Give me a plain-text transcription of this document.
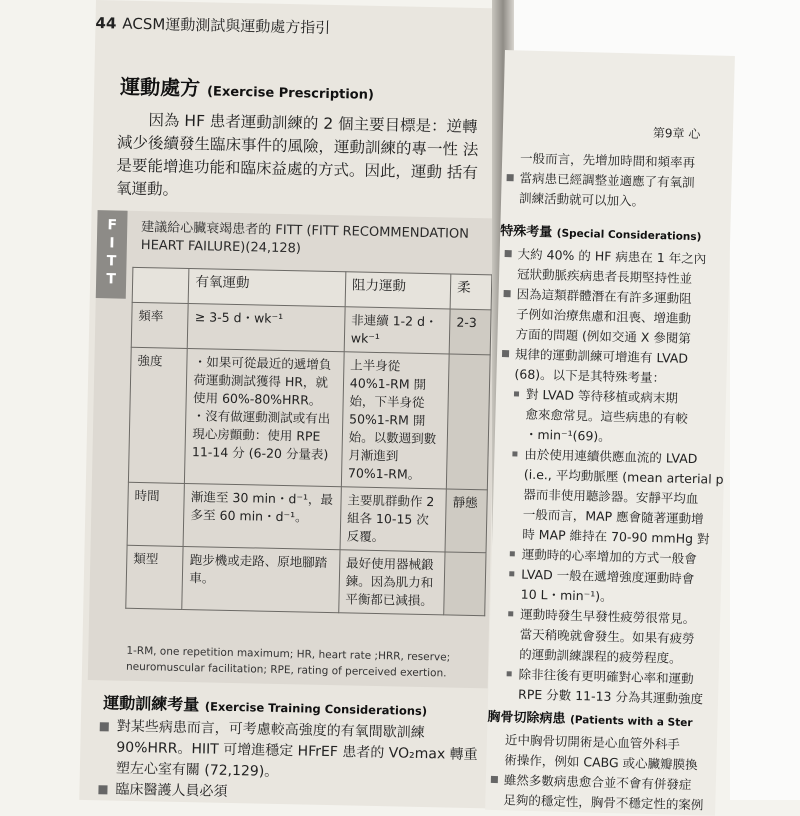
44 ACSM運動測試與運動處方指引
運動處方 (Exercise Prescription)

因為 HF 患者運動訓練的 2 個主要目標是：逆轉 減少後續發生臨床事件的風險，運動訓練的專一性 法是要能增進功能和臨床益處的方式。因此，運動 括有氧運動。

F
I
T
T
建議給心臟衰竭患者的 FITT (FITT RECOMMENDATION HEART FAILURE)(24,128)
	有氧運動	阻力運動	柔
頻率	≥ 3-5 d・wk⁻¹	非連續 1-2 d・wk⁻¹	2-3
強度	・如果可從最近的遞增負荷運動測試獲得 HR，就使用 60%-80%HRR。 ・沒有做運動測試或有出現心房顫動：使用 RPE 11-14 分 (6-20 分量表)	上半身從 40%1-RM 開始，下半身從 50%1-RM 開始。以數週到數月漸進到 70%1-RM。	
時間	漸進至 30 min・d⁻¹，最多至 60 min・d⁻¹。	主要肌群動作 2 組各 10-15 次反覆。	靜態
類型	跑步機或走路、原地腳踏車。	最好使用器械鍛鍊。因為肌力和平衡都已減損。	
1-RM, one repetition maximum; HR, heart rate ;HRR, reserve; neuromuscular facilitation; RPE, rating of perceived exertion.
運動訓練考量 (Exercise Training Considerations)
對某些病患而言，可考慮較高強度的有氧間歇訓練 90%HRR。HIIT 可增進穩定 HFrEF 患者的 VO₂max 轉重塑左心室有關 (72,129)。
臨床醫護人員必須
第9章 心
一般而言，先增加時間和頻率再
當病患已經調整並適應了有氧訓
訓練活動就可以加入。
特殊考量 (Special Considerations)
大約 40% 的 HF 病患在 1 年之內
冠狀動脈疾病患者長期堅持性並
因為這類群體潛在有許多運動阻
子例如治療焦慮和沮喪、增進動
方面的問題 (例如交通 X 參閱第
規律的運動訓練可增進有 LVAD
(68)。以下是其特殊考量：
對 LVAD 等待移植或病末期
愈來愈常見。這些病患的有較
・min⁻¹(69)。
由於使用連續供應血流的 LVAD
(i.e., 平均動脈壓 (mean arterial p
器而非使用聽診器。安靜平均血
一般而言，MAP 應會隨著運動增
時 MAP 維持在 70-90 mmHg 對
運動時的心率增加的方式一般會
LVAD 一般在遞增強度運動時會
10 L・min⁻¹)。
運動時發生早發性疲勞很常見。
當天稍晚就會發生。如果有疲勞
的運動訓練課程的疲勞程度。
除非往後有更明確對心率和運動
RPE 分數 11-13 分為其運動強度
胸骨切除病患 (Patients with a Ster
近中胸骨切開術是心血管外科手
術操作，例如 CABG 或心臟瓣膜換
雖然多數病患愈合並不會有併發症
足夠的穩定性，胸骨不穩定性的案例
